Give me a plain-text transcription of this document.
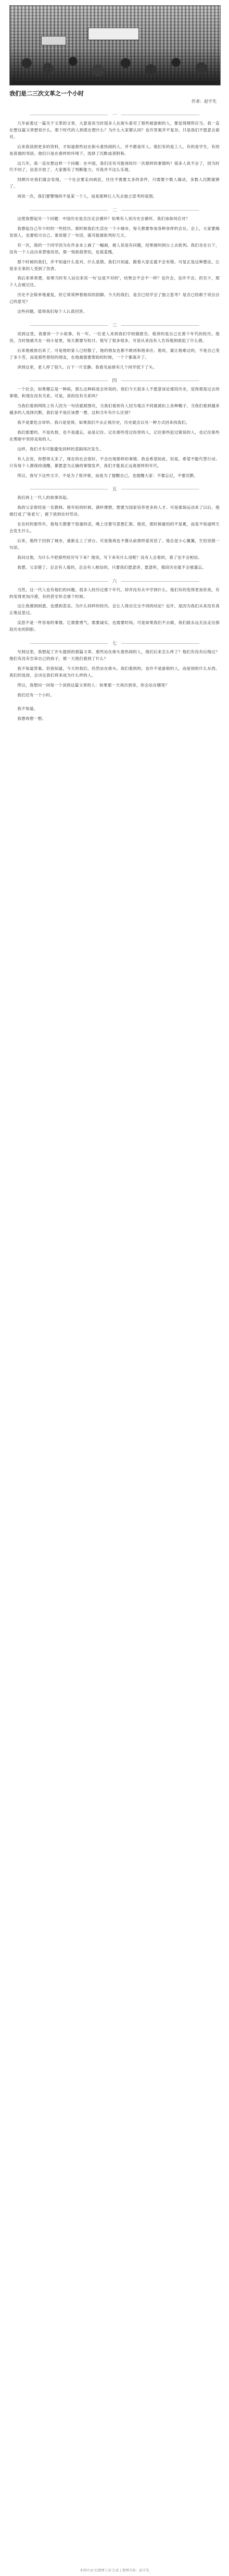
我们是二三次文革之一个小时
作者：赵宇先
一

几年前看过一篇关于文革的文章，大意是说当时很多人在街头看见了那些被游街的人，都觉得理所应当。我一直在想这篇文章想说什么。那个时代的人到底在想什么？为什么大家都认同？也许答案并不复杂，只是我们不愿意去面对。

后来我读到更多的资料，才知道那些站在街头看热闹的人，并不都是坏人。他们有的是工人，有的是学生，有的是普通的邻居。他们只是在那样的环境下，选择了沉默或者附和。

这几年，我一直在想这样一个问题：在中国，我们还有可能再经历一次那样的事情吗？很多人说不会了，因为时代不同了，信息开放了，大家都有了判断能力。可我并不这么乐观。

回顾历史我们就会发现，一个社会要走向疯狂，往往不需要太多的条件，只需要少数人煽动，多数人沉默就够了。

再说一次，我们要警惕的不是某一个人，而是那种让人失去独立思考的氛围。

二

这使我想起另一个问题：中国历史是否注定会循环？如果有人说历史会循环，我们该如何应对？

我想起自己年少时的一些经历。那时候我们生活在一个小城市，每天都要参加各种各样的会议。会上，大家要揭发别人，也要检讨自己。谁说错了一句话，就可能被批判好几天。

有一次，我的一个同学因为在作业本上画了一幅画，被人说是有问题，结果被叫到台上去批判。我们坐在台下，没有一个人站出来替他说话。那一刻我很害怕，也很羞愧。

那个时候的我们，并不知道什么是对，什么是错。我们只知道，跟着大家走就不会有错。可是正是这种想法，让很多无辜的人受到了伤害。

我后来常常想，如果当时有人站出来说一句'这是不对的'，结果会不会不一样？也许会，也许不会。但至少，那个人会被记住。

历史不会简单地重复，但它常常押着相似的韵脚。今天的我们，是否已经学会了独立思考？是否已经敢于说出自己的意见？

这些问题，值得我们每个人认真回答。

三

说到这里，我要讲一个小故事。有一年，一位老人来到我们学校做报告。他讲的是自己在那个年代的经历。他说，当时他被关在一间小屋里，每天都要写检讨。他写了很多很多，可是从来没有人告诉他到底犯了什么错。

后来他被放出来了，可是他的家人已经散了，他的朋友也都不敢再和他来往。他说，最让他难过的，不是自己受了多少苦，而是那些曾经的朋友，在他最需要帮助的时候，一个个都离开了。

讲到这里，老人停了很久。台下一片安静。我看见前排有几个同学低下了头。

四

一个社会，如果健忘是一种病，那么这种病是会传染的。我们今天很多人不愿意谈论那段历史，觉得那是过去的事情，和现在没有关系。可是，真的没有关系吗？

当我们看到网络上有人因为一句话就被围攻，当我们看到有人因为观点不同就被扣上各种帽子，当我们看到越来越多的人选择沉默，我们是不是应该想一想，这和当年有什么区别？

我不是要危言耸听。我只是觉得，如果我们不去正视历史，历史就会以另一种方式回来找我们。

我们需要的，不是仇恨，也不是遗忘，而是记住。记住那些受过伤害的人，记住那些犯过错误的人，也记住那些在黑暗中坚持良知的人。

这样，我们才有可能避免同样的悲剧再次发生。

有人会说，你想得太多了，现在的社会很好，不会出现那样的事情。我也希望如此。但是，希望不能代替行动。只有每个人都保持清醒，都愿意为正确的事情发声，我们才能真正远离那样的年代。

所以，我写下这些文字，不是为了批评谁，而是为了提醒自己，也提醒大家：不要忘记，不要沉默。

五

我们再上一代人的故事说起。

我的父亲曾经是一名教师。他年轻的时候，满怀理想，想要为国家培养更多的人才。可是那场运动来了以后，他被打成了'臭老九'，被下放到农村劳动。

在农村的那些年，他每天都要干很重的活，晚上还要写思想汇报。他说，那时候最怕的不是累，而是不知道明天会发生什么。

后来，他终于回到了城市，重新走上了讲台。可是他再也不像从前那样爱说话了。他总是小心翼翼，生怕说错一句话。

我问过他，为什么不把那些经历写下来？他说，写下来有什么用呢？没有人会看的，看了也不会相信。

我想，父亲错了。总会有人看的，总会有人相信的。只要我们愿意讲，愿意听，那段历史就不会被遗忘。

六

当然，这一代人也有他们的问题。很多人经历过那个年代，却并没有从中学到什么。他们有的变得更加世故，有的变得更加冷漠，有的甚至怀念那个时候。

这让我感到困惑，也感到悲哀。为什么同样的经历，会让人得出完全不同的结论？也许，是因为我们从来没有真正地反思过。

反思不是一件容易的事情。它需要勇气，需要诚实，也需要时间。可是如果我们不去做，我们就永远无法走出那段历史的阴影。

七

写到这里，我想起了开头提到的那篇文章。那些站在街头看热闹的人，他们后来怎么样了？他们有没有后悔过？他们有没有告诉自己的孩子，那一天他们看到了什么？

我不知道答案。但我知道，今天的我们，仍然站在街头。我们看到的，也许不是游街的人，而是别的什么东西。我们的选择，会决定我们将来成为什么样的人。

所以，我想问一问每一个读到这篇文章的人：如果那一天再次到来，你会站在哪里？

我们还有一个小时。

我不知道。

我想再想一想。

本图片由'长微博工具'生成 | 微博名称：赵宇先
